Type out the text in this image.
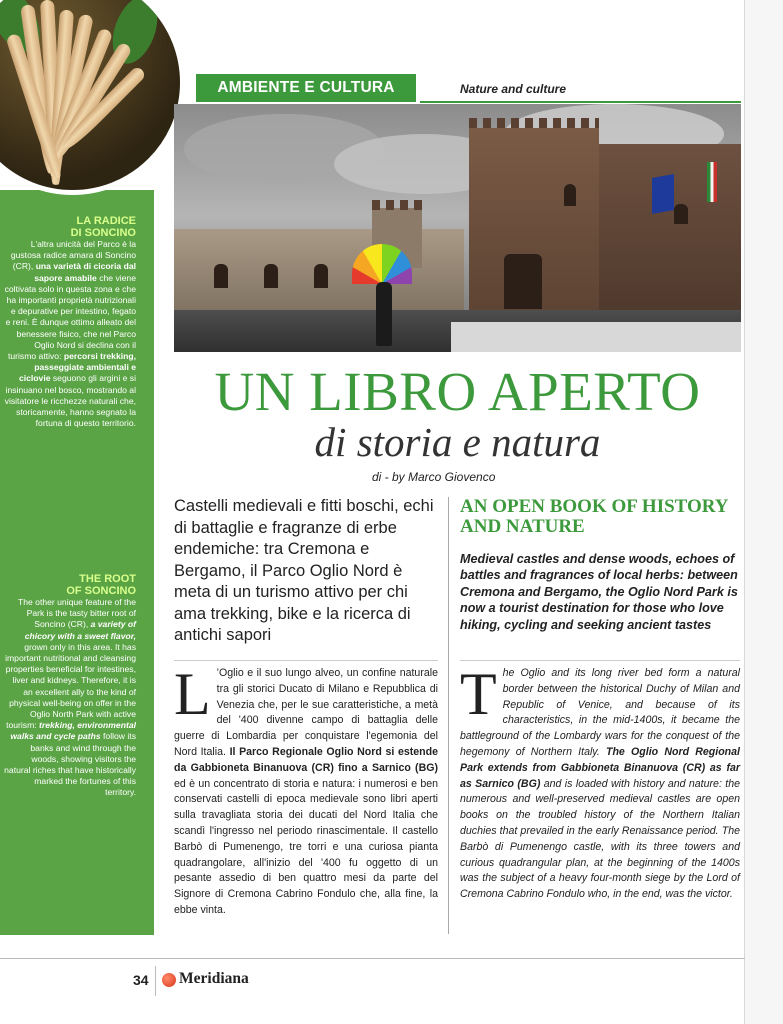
LA RADICE
DI SONCINO
L'altra unicità del Parco è la gustosa radice amara di Soncino (CR), una varietà di cicoria dal sapore amabile che viene coltivata solo in questa zona e che ha importanti proprietà nutrizionali e depurative per intestino, fegato e reni. È dunque ottimo alleato del benessere fisico, che nel Parco Oglio Nord si declina con il turismo attivo: percorsi trekking, passeggiate ambientali e ciclovie seguono gli argini e si insinuano nel bosco, mostrando al visitatore le ricchezze naturali che, storicamente, hanno segnato la fortuna di questo territorio.
THE ROOT
OF SONCINO
The other unique feature of the Park is the tasty bitter root of Soncino (CR), a variety of chicory with a sweet flavor, grown only in this area. It has important nutritional and cleansing properties beneficial for intestines, liver and kidneys. Therefore, it is an excellent ally to the kind of physical well-being on offer in the Oglio North Park with active tourism: trekking, environmental walks and cycle paths follow its banks and wind through the woods, showing visitors the natural riches that have historically marked the fortunes of this territory.
AMBIENTE E CULTURA	Nature and culture
UN LIBRO APERTO
di storia e natura
di - by Marco Giovenco
Castelli medievali e fitti boschi, echi di battaglie e fragranze di erbe endemiche: tra Cremona e Bergamo, il Parco Oglio Nord è meta di un turismo attivo per chi ama trekking, bike e la ricerca di antichi sapori
AN OPEN BOOK OF HISTORY AND NATURE
Medieval castles and dense woods, echoes of battles and fragrances of local herbs: between Cremona and Bergamo, the Oglio Nord Park is now a tourist destination for those who love hiking, cycling and seeking ancient tastes
L ’Oglio e il suo lungo alveo, un confine naturale tra gli storici Ducato di Milano e Repubblica di Venezia che, per le sue caratteristiche, a metà del '400 divenne campo di battaglia delle guerre di Lombardia per conquistare l'egemonia del Nord Italia. Il Parco Regionale Oglio Nord si estende da Gabbioneta Binanuova (CR) fino a Sarnico (BG) ed è un concentrato di storia e natura: i numerosi e ben conservati castelli di epoca medievale sono libri aperti sulla travagliata storia dei ducati del Nord Italia che scandì l'ingresso nel periodo rinascimentale. Il castello Barbò di Pumenengo, tre torri e una curiosa pianta quadrangolare, all'inizio del '400 fu oggetto di un pesante assedio di ben quattro mesi da parte del Signore di Cremona Cabrino Fondulo che, alla fine, la ebbe vinta.
The Oglio and its long river bed form a natural border between the historical Duchy of Milan and Republic of Venice, and because of its characteristics, in the mid-1400s, it became the battleground of the Lombardy wars for the conquest of the hegemony of Northern Italy. The Oglio Nord Regional Park extends from Gabbioneta Binanuova (CR) as far as Sarnico (BG) and is loaded with history and nature: the numerous and well-preserved medieval castles are open books on the troubled history of the Northern Italian duchies that prevailed in the early Renaissance period. The Barbò di Pumenengo castle, with its three towers and curious quadrangular plan, at the beginning of the 1400s was the subject of a heavy four-month siege by the Lord of Cremona Cabrino Fondulo who, in the end, was the victor.
34 Meridiana
